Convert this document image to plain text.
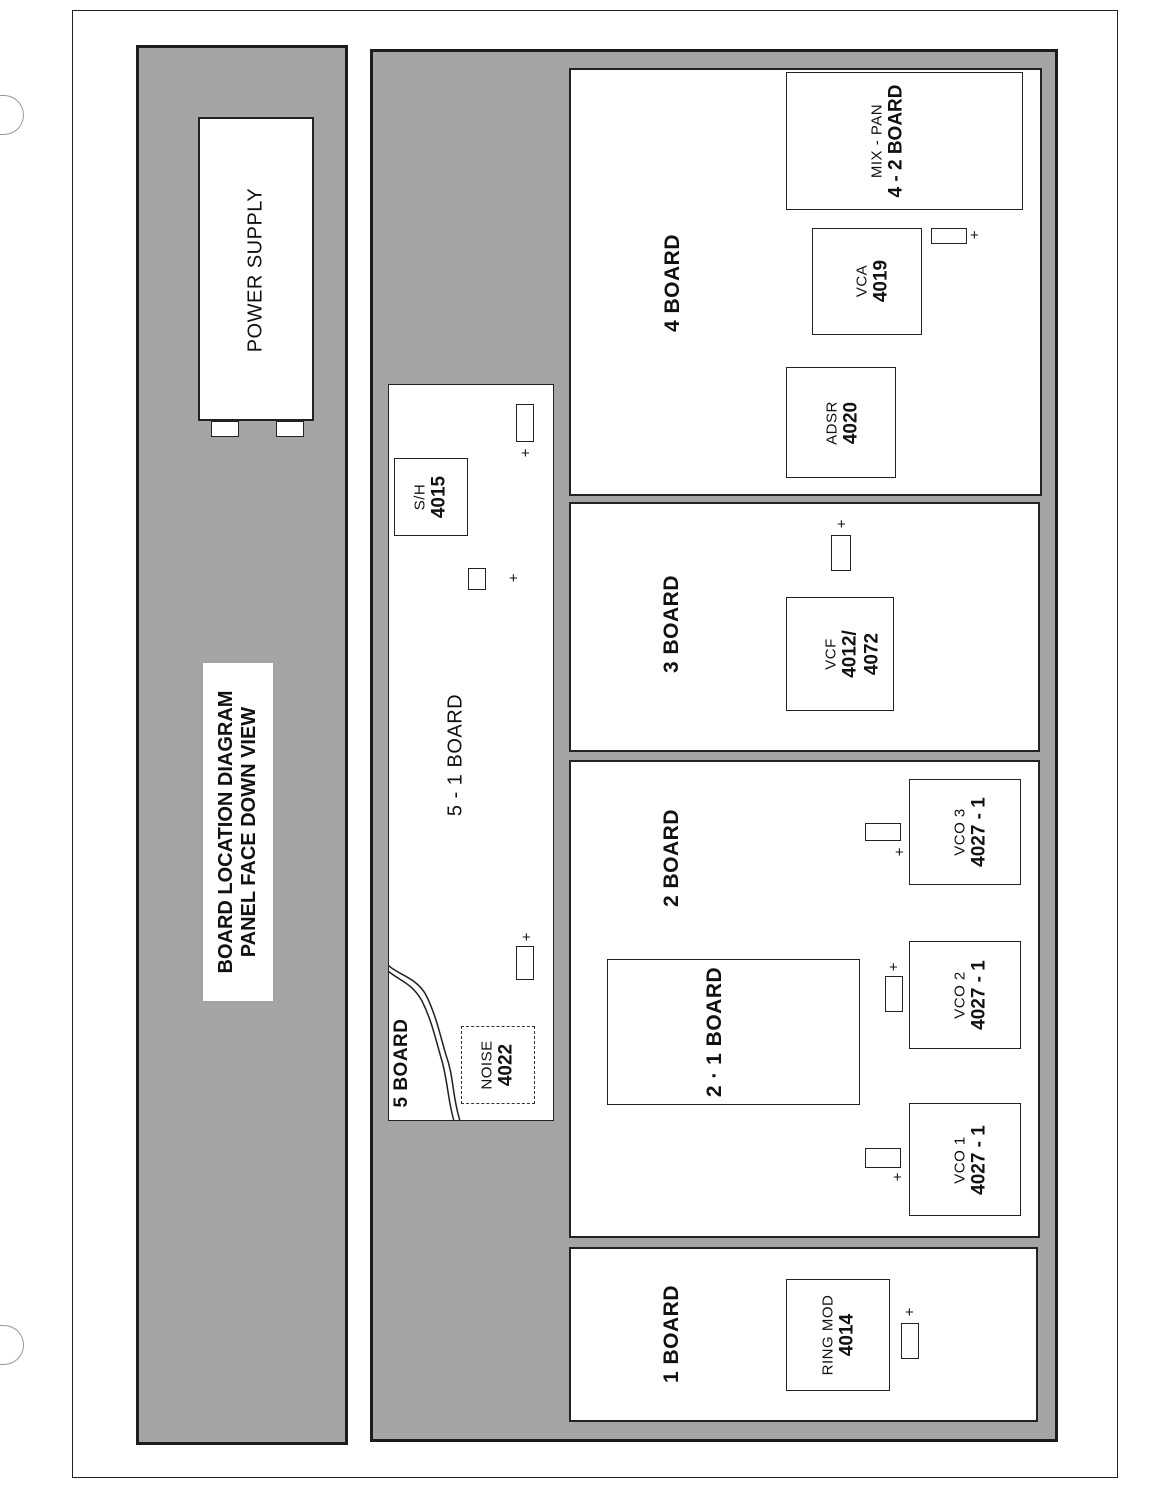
POWER SUPPLY
BOARD LOCATION DIAGRAM PANEL FACE DOWN VIEW
5 BOARD
5 - 1 BOARD
S/H 4015
NOISE 4022
+
+
+
4 BOARD
MIX - PAN 4 - 2 BOARD
VCA 4019
+
ADSR 4020
3 BOARD	VCF 4012/ 4072
+
2 BOARD
2 · 1 BOARD
VCO 3 4027 - 1
+
VCO 2 4027 - 1
+
VCO 1 4027 - 1
+
1 BOARD	RING MOD 4014
+
